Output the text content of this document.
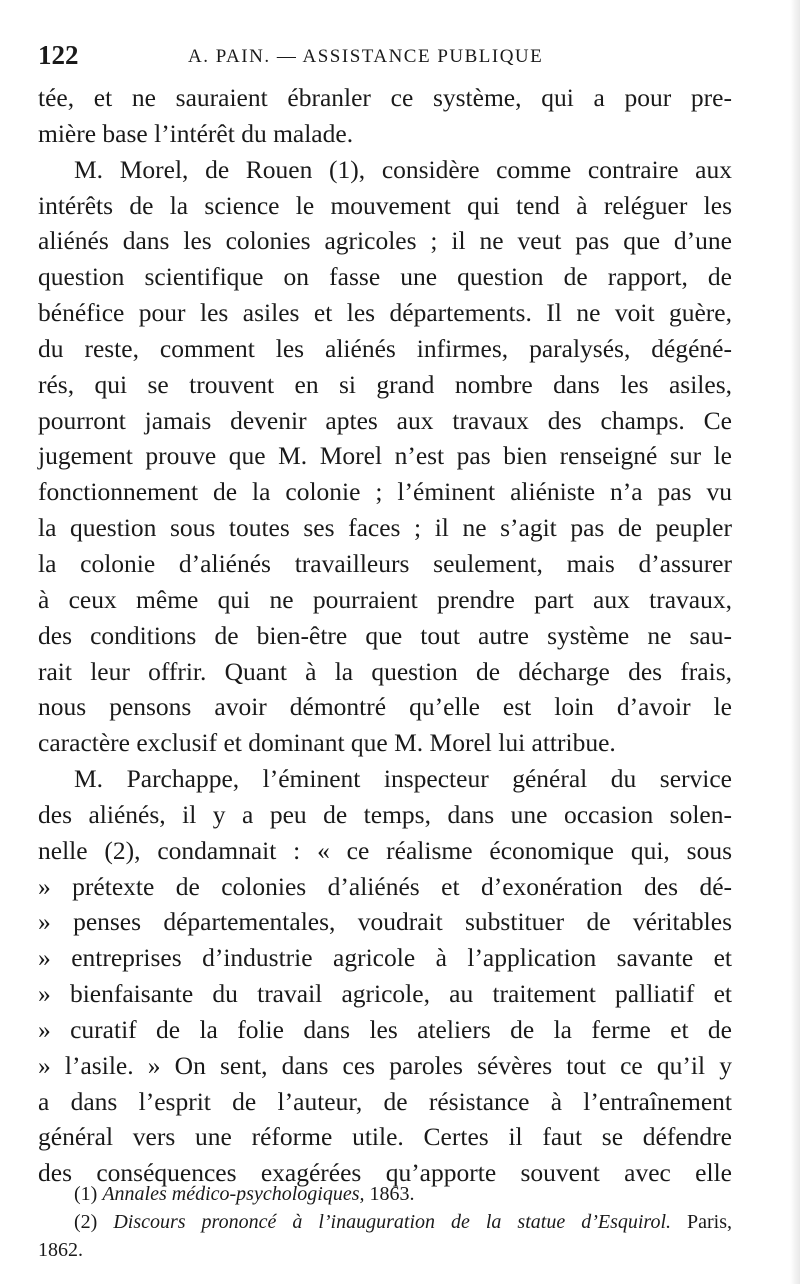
122	A. PAIN. — ASSISTANCE PUBLIQUE
tée, et ne sauraient ébranler ce système, qui a pour pre-
mière base l’intérêt du malade.
M. Morel, de Rouen (1), considère comme contraire aux
intérêts de la science le mouvement qui tend à reléguer les
aliénés dans les colonies agricoles ; il ne veut pas que d’une
question scientifique on fasse une question de rapport, de
bénéfice pour les asiles et les départements. Il ne voit guère,
du reste, comment les aliénés infirmes, paralysés, dégéné-
rés, qui se trouvent en si grand nombre dans les asiles,
pourront jamais devenir aptes aux travaux des champs. Ce
jugement prouve que M. Morel n’est pas bien renseigné sur le
fonctionnement de la colonie ; l’éminent aliéniste n’a pas vu
la question sous toutes ses faces ; il ne s’agit pas de peupler
la colonie d’aliénés travailleurs seulement, mais d’assurer
à ceux même qui ne pourraient prendre part aux travaux,
des conditions de bien-être que tout autre système ne sau-
rait leur offrir. Quant à la question de décharge des frais,
nous pensons avoir démontré qu’elle est loin d’avoir le
caractère exclusif et dominant que M. Morel lui attribue.
M. Parchappe, l’éminent inspecteur général du service
des aliénés, il y a peu de temps, dans une occasion solen-
nelle (2), condamnait : « ce réalisme économique qui, sous
» prétexte de colonies d’aliénés et d’exonération des dé-
» penses départementales, voudrait substituer de véritables
» entreprises d’industrie agricole à l’application savante et
» bienfaisante du travail agricole, au traitement palliatif et
» curatif de la folie dans les ateliers de la ferme et de
» l’asile. » On sent, dans ces paroles sévères tout ce qu’il y
a dans l’esprit de l’auteur, de résistance à l’entraînement
général vers une réforme utile. Certes il faut se défendre
des conséquences exagérées qu’apporte souvent avec elle
(1) Annales médico-psychologiques, 1863.
(2) Discours prononcé à l’inauguration de la statue d’Esquirol. Paris,
1862.
